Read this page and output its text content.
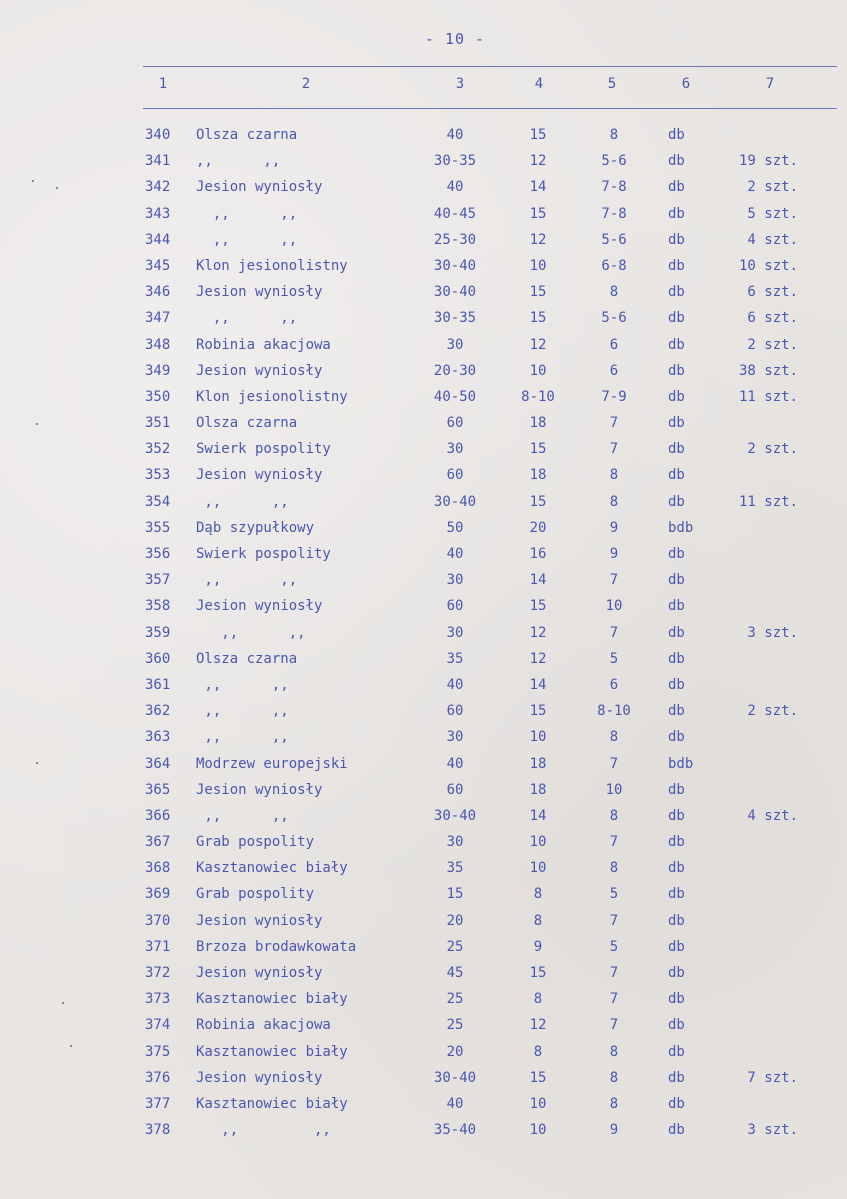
- 10 -
1	2	3	4	5	6	7
340	Olsza czarna	40	15	8	db
341	,,      ,,	30-35	12	5-6	db	19 szt.
342	Jesion wyniosły	40	14	7-8	db	2 szt.
343	,,      ,,	40-45	15	7-8	db	5 szt.
344	,,      ,,	25-30	12	5-6	db	4 szt.
345	Klon jesionolistny	30-40	10	6-8	db	10 szt.
346	Jesion wyniosły	30-40	15	8	db	6 szt.
347	,,      ,,	30-35	15	5-6	db	6 szt.
348	Robinia akacjowa	30	12	6	db	2 szt.
349	Jesion wyniosły	20-30	10	6	db	38 szt.
350	Klon jesionolistny	40-50	8-10	7-9	db	11 szt.
351	Olsza czarna	60	18	7	db
352	Swierk pospolity	30	15	7	db	2 szt.
353	Jesion wyniosły	60	18	8	db
354	,,      ,,	30-40	15	8	db	11 szt.
355	Dąb szypułkowy	50	20	9	bdb
356	Swierk pospolity	40	16	9	db
357	,,       ,,	30	14	7	db
358	Jesion wyniosły	60	15	10	db
359	,,      ,,	30	12	7	db	3 szt.
360	Olsza czarna	35	12	5	db
361	,,      ,,	40	14	6	db
362	,,      ,,	60	15	8-10	db	2 szt.
363	,,      ,,	30	10	8	db
364	Modrzew europejski	40	18	7	bdb
365	Jesion wyniosły	60	18	10	db
366	,,      ,,	30-40	14	8	db	4 szt.
367	Grab pospolity	30	10	7	db
368	Kasztanowiec biały	35	10	8	db
369	Grab pospolity	15	8	5	db
370	Jesion wyniosły	20	8	7	db
371	Brzoza brodawkowata	25	9	5	db
372	Jesion wyniosły	45	15	7	db
373	Kasztanowiec biały	25	8	7	db
374	Robinia akacjowa	25	12	7	db
375	Kasztanowiec biały	20	8	8	db
376	Jesion wyniosły	30-40	15	8	db	7 szt.
377	Kasztanowiec biały	40	10	8	db
378	,,         ,,	35-40	10	9	db	3 szt.
